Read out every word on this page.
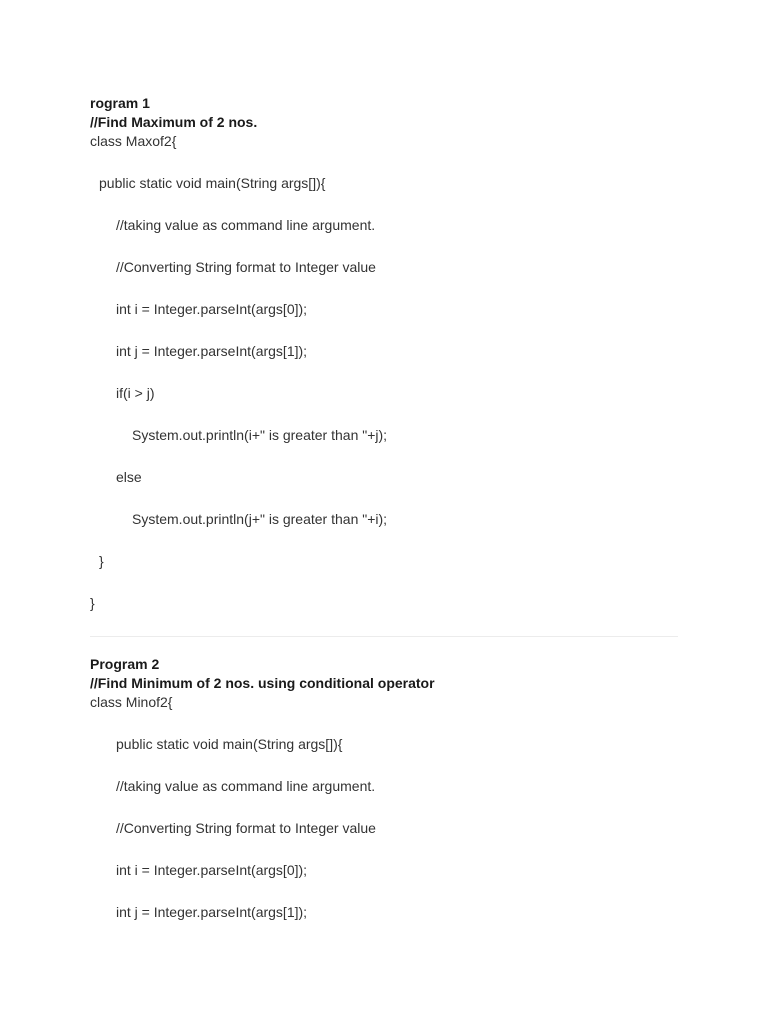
rogram 1

//Find Maximum of 2 nos.

class Maxof2{

public static void main(String args[]){

//taking value as command line argument.

//Converting String format to Integer value

int i = Integer.parseInt(args[0]);

int j = Integer.parseInt(args[1]);

if(i > j)

System.out.println(i+" is greater than "+j);

else

System.out.println(j+" is greater than "+i);

}

}

Program 2

//Find Minimum of 2 nos. using conditional operator

class Minof2{

public static void main(String args[]){

//taking value as command line argument.

//Converting String format to Integer value

int i = Integer.parseInt(args[0]);

int j = Integer.parseInt(args[1]);
